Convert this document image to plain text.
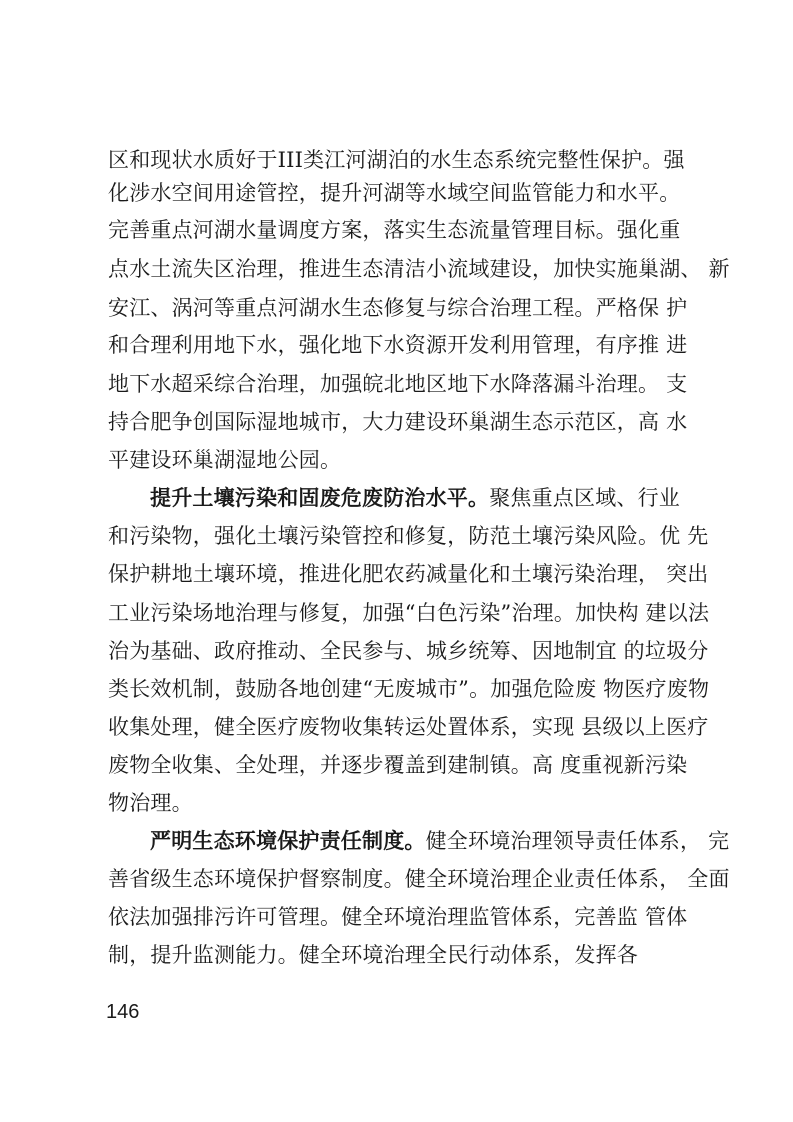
区和现状水质好于III类江河湖泊的水生态系统完整性保护。强
化涉水空间用途管控，提升河湖等水域空间监管能力和水平。
完善重点河湖水量调度方案，落实生态流量管理目标。强化重
点水土流失区治理，推进生态清洁小流域建设，加快实施巢湖、 新
安江、涡河等重点河湖水生态修复与综合治理工程。严格保 护
和合理利用地下水，强化地下水资源开发利用管理，有序推 进
地下水超采综合治理，加强皖北地区地下水降落漏斗治理。 支
持合肥争创国际湿地城市，大力建设环巢湖生态示范区，高 水
平建设环巢湖湿地公园。
提升土壤污染和固废危废防治水平。聚焦重点区域、行业
和污染物，强化土壤污染管控和修复，防范土壤污染风险。优 先
保护耕地土壤环境，推进化肥农药减量化和土壤污染治理， 突出
工业污染场地治理与修复，加强“白色污染”治理。加快构 建以法
治为基础、政府推动、全民参与、城乡统筹、因地制宜 的垃圾分
类长效机制，鼓励各地创建“无废城市”。加强危险废 物医疗废物
收集处理，健全医疗废物收集转运处置体系，实现 县级以上医疗
废物全收集、全处理，并逐步覆盖到建制镇。高 度重视新污染
物治理。
严明生态环境保护责任制度。健全环境治理领导责任体系， 完
善省级生态环境保护督察制度。健全环境治理企业责任体系， 全面
依法加强排污许可管理。健全环境治理监管体系，完善监 管体
制，提升监测能力。健全环境治理全民行动体系，发挥各
146
